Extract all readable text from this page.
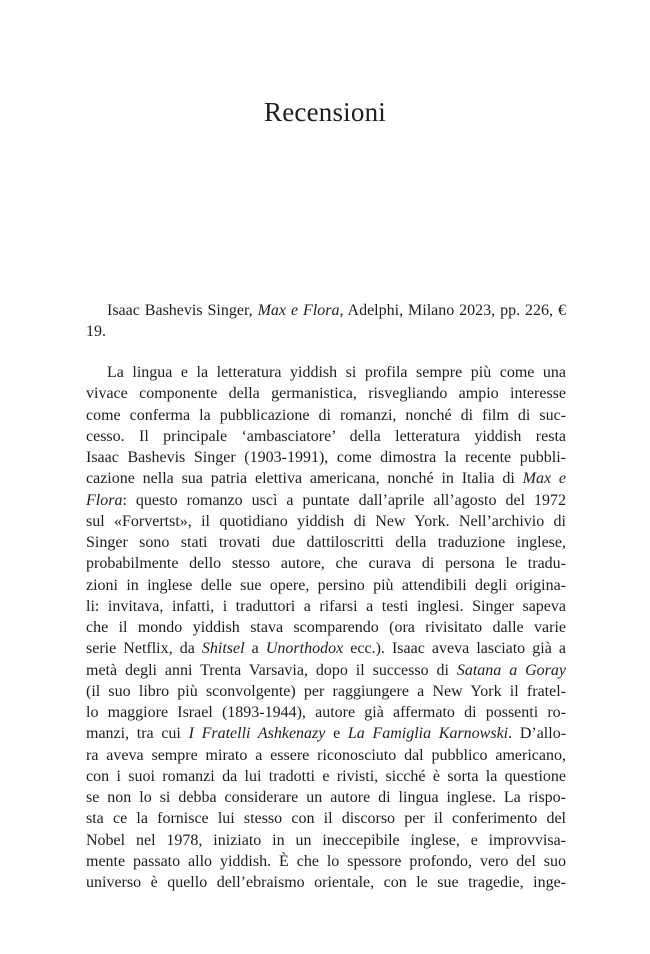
Recensioni

Isaac Bashevis Singer, Max e Flora, Adelphi, Milano 2023, pp. 226, € 19.

La lingua e la letteratura yiddish si profila sempre più come una
vivace componente della germanistica, risvegliando ampio interesse
come conferma la pubblicazione di romanzi, nonché di film di suc-
cesso. Il principale ‘ambasciatore’ della letteratura yiddish resta
Isaac Bashevis Singer (1903-1991), come dimostra la recente pubbli-
cazione nella sua patria elettiva americana, nonché in Italia di Max e
Flora: questo romanzo uscì a puntate dall’aprile all’agosto del 1972
sul «Forvertst», il quotidiano yiddish di New York. Nell’archivio di
Singer sono stati trovati due dattiloscritti della traduzione inglese,
probabilmente dello stesso autore, che curava di persona le tradu-
zioni in inglese delle sue opere, persino più attendibili degli origina-
li: invitava, infatti, i traduttori a rifarsi a testi inglesi. Singer sapeva
che il mondo yiddish stava scomparendo (ora rivisitato dalle varie
serie Netflix, da Shitsel a Unorthodox ecc.). Isaac aveva lasciato già a
metà degli anni Trenta Varsavia, dopo il successo di Satana a Goray
(il suo libro più sconvolgente) per raggiungere a New York il fratel-
lo maggiore Israel (1893-1944), autore già affermato di possenti ro-
manzi, tra cui I Fratelli Ashkenazy e La Famiglia Karnowski. D’allo-
ra aveva sempre mirato a essere riconosciuto dal pubblico americano,
con i suoi romanzi da lui tradotti e rivisti, sicché è sorta la questione
se non lo si debba considerare un autore di lingua inglese. La rispo-
sta ce la fornisce lui stesso con il discorso per il conferimento del
Nobel nel 1978, iniziato in un ineccepibile inglese, e improvvisa-
mente passato allo yiddish. È che lo spessore profondo, vero del suo
universo è quello dell’ebraismo orientale, con le sue tragedie, inge-
